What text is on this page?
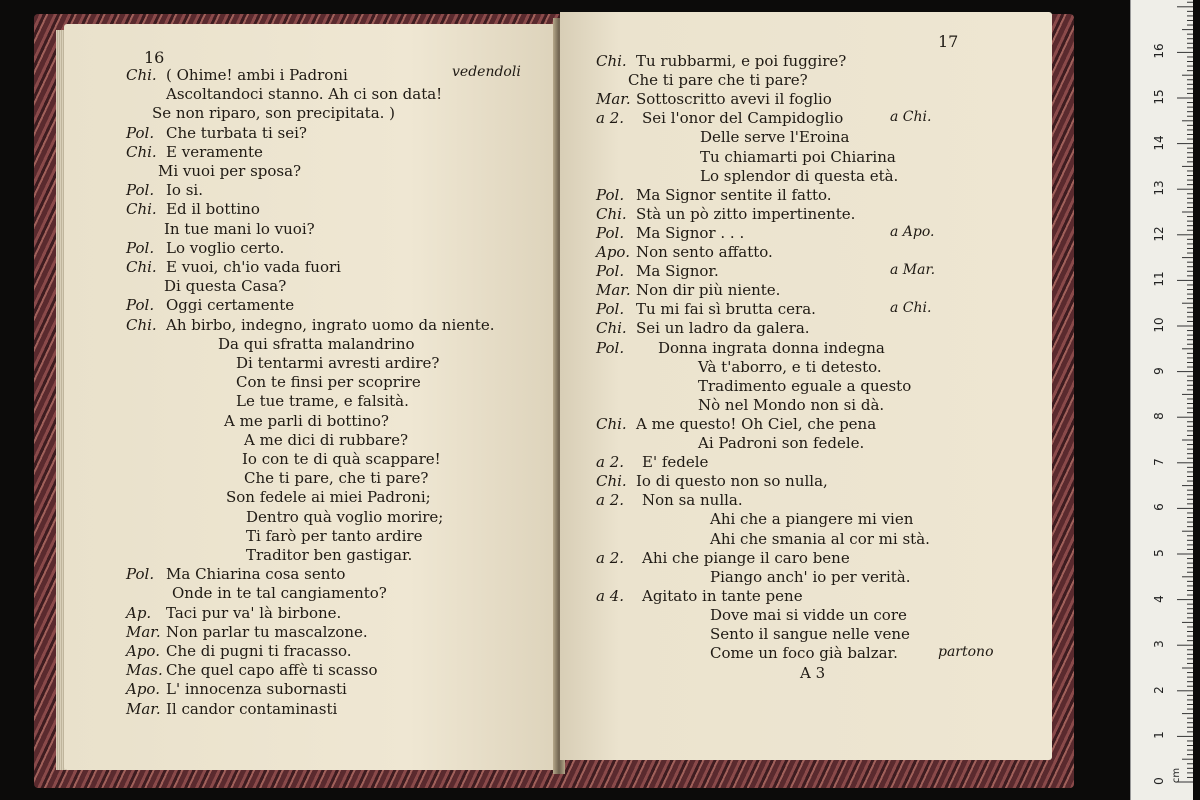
16
vedendoli
Chi. ( Ohime! ambi i Padroni
Ascoltandoci stanno. Ah ci son data!
Se non riparo, son precipitata. )
Pol. Che turbata ti sei?
Chi. E veramente
Mi vuoi per sposa?
Pol. Io si.
Chi. Ed il bottino
In tue mani lo vuoi?
Pol. Lo voglio certo.
Chi. E vuoi, ch'io vada fuori
Di questa Casa?
Pol. Oggi certamente
Chi. Ah birbo, indegno, ingrato uomo da niente.
Da qui sfratta malandrino
Di tentarmi avresti ardire?
Con te finsi per scoprire
Le tue trame, e falsità.
A me parli di bottino?
A me dici di rubbare?
Io con te di quà scappare!
Che ti pare, che ti pare?
Son fedele ai miei Padroni;
Dentro quà voglio morire;
Ti farò per tanto ardire
Traditor ben gastigar.
Pol. Ma Chiarina cosa sento
Onde in te tal cangiamento?
Ap. Taci pur va' là birbone.
Mar. Non parlar tu mascalzone.
Apo. Che di pugni ti fracasso.
Mas. Che quel capo affè ti scasso
Apo. L' innocenza subornasti
Mar. Il candor contaminasti
17
Chi. Tu rubbarmi, e poi fuggire?
Che ti pare che ti pare?
Mar. Sottoscritto avevi il foglio
a 2. Sei l'onor del Campidoglio	a Chi.
Delle serve l'Eroina
Tu chiamarti poi Chiarina
Lo splendor di questa età.
Pol. Ma Signor sentite il fatto.
Chi. Stà un pò zitto impertinente.
Pol. Ma Signor . . .	a Apo.
Apo. Non sento affatto.
Pol. Ma Signor.	a Mar.
Mar. Non dir più niente.
Pol. Tu mi fai sì brutta cera.	a Chi.
Chi. Sei un ladro da galera.
Pol. Donna ingrata donna indegna
Và t'aborro, e ti detesto.
Tradimento eguale a questo
Nò nel Mondo non si dà.
Chi. A me questo! Oh Ciel, che pena
Ai Padroni son fedele.
a 2. E' fedele
Chi. Io di questo non so nulla,
a 2. Non sa nulla.
Ahi che a piangere mi vien
Ahi che smania al cor mi stà.
a 2. Ahi che piange il caro bene
Piango anch' io per verità.
a 4. Agitato in tante pene
Dove mai si vidde un core
Sento il sangue nelle vene
Come un foco già balzar.	partono
A 3
0
1
2
3
4
5
6
7
8
9
10
11
12
13
14
15
16
cm
